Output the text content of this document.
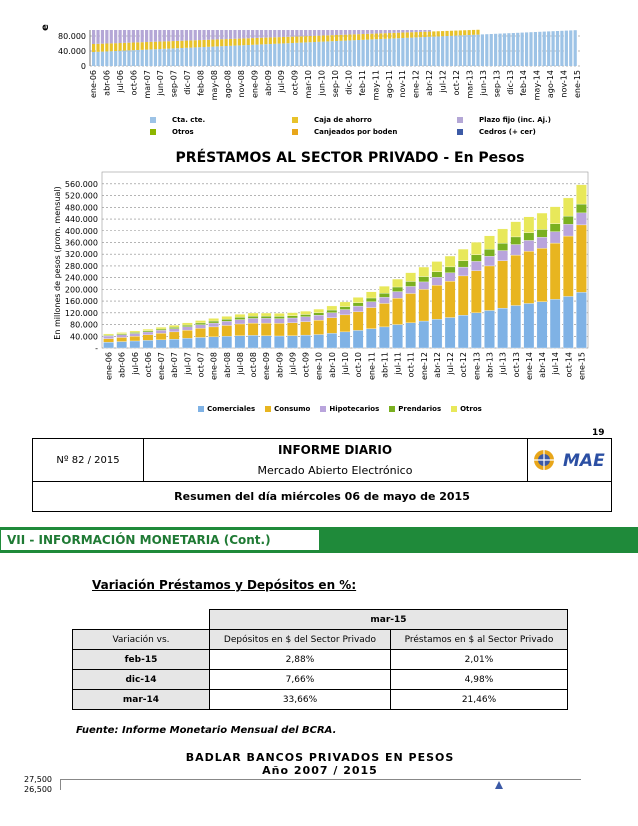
e
80.000
40.000
0
ene-06 abr-06 jul-06 oct-06 mar-07 jun-07 sep-07 dic-07 feb-08 may-08 ago-08 nov-08 ene-09 abr-09 jul-09 oct-09 mar-10 jun-10 sep-10 dic-10 feb-11 may-11 ago-11 nov-11 ene-12 abr-12 jul-12 oct-12 mar-13 jun-13 sep-13 dic-13 feb-14 may-14 ago-14 nov-14 ene-15
Cta. cte.	Caja de ahorro	Plazo fijo (inc. Aj.)
Otros	Canjeados por boden	Cedros (+ cer)
PRÉSTAMOS AL SECTOR PRIVADO - En Pesos
En millones de pesos (prom. mensual)
560.000
520.000
480.000
440.000
400.000
360.000
320.000
280.000
240.000
200.000
160.000
120.000
80.000
40.000
-
ene-06 abr-06 jul-06 oct-06 ene-07 abr-07 jul-07 oct-07 ene-08 abr-08 jul-08 oct-08 ene-09 abr-09 jul-09 oct-09 ene-10 abr-10 jul-10 oct-10 ene-11 abr-11 jul-11 oct-11 ene-12 abr-12 jul-12 oct-12 ene-13 abr-13 jul-13 oct-13 ene-14 abr-14 jul-14 oct-14 ene-15
Comerciales	Consumo	Hipotecarios	Prendarios	Otros
19
Nº 82 / 2015
INFORME DIARIO
Mercado Abierto Electrónico	MAE
Resumen del día miércoles 06 de mayo de 2015
VII - INFORMACIÓN MONETARIA (Cont.)
Variación Préstamos y Depósitos en %:
	mar-15	
Variación vs.	Depósitos en $ del Sector Privado	Préstamos en $ al Sector Privado
feb-15	2,88%	2,01%
dic-14	7,66%	4,98%
mar-14	33,66%	21,46%
Fuente: Informe Monetario Mensual del BCRA.
BADLAR BANCOS PRIVADOS EN PESOS
Año 2007 / 2015
27,500
26,500
